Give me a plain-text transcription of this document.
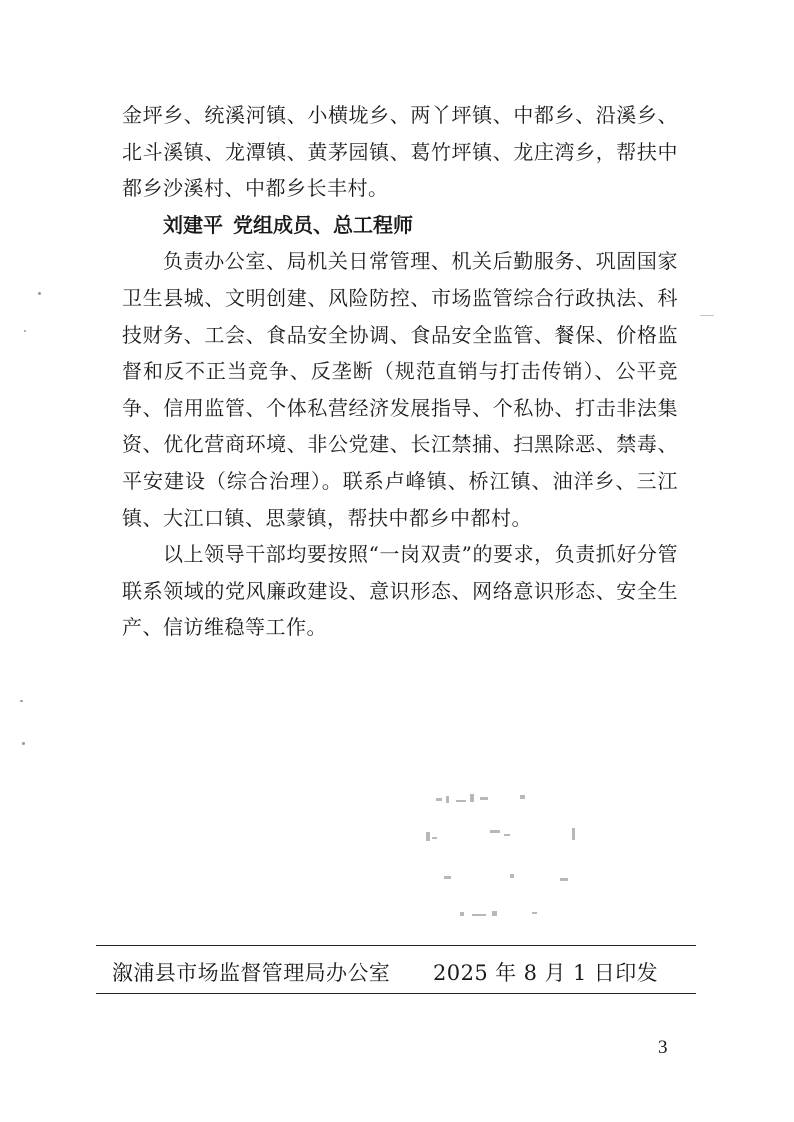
金坪乡、统溪河镇、小横垅乡、两丫坪镇、中都乡、沿溪乡、北斗溪镇、龙潭镇、黄茅园镇、葛竹坪镇、龙庄湾乡，帮扶中都乡沙溪村、中都乡长丰村。

刘建平 党组成员、总工程师

负责办公室、局机关日常管理、机关后勤服务、巩固国家卫生县城、文明创建、风险防控、市场监管综合行政执法、科技财务、工会、食品安全协调、食品安全监管、餐保、价格监督和反不正当竞争、反垄断（规范直销与打击传销）、公平竞争、信用监管、个体私营经济发展指导、个私协、打击非法集资、优化营商环境、非公党建、长江禁捕、扫黑除恶、禁毒、平安建设（综合治理）。联系卢峰镇、桥江镇、油洋乡、三江镇、大江口镇、思蒙镇，帮扶中都乡中都村。

以上领导干部均要按照“一岗双责”的要求，负责抓好分管联系领域的党风廉政建设、意识形态、网络意识形态、安全生产、信访维稳等工作。

溆浦县市场监督管理局办公室 2025 年 8 月 1 日印发
3
